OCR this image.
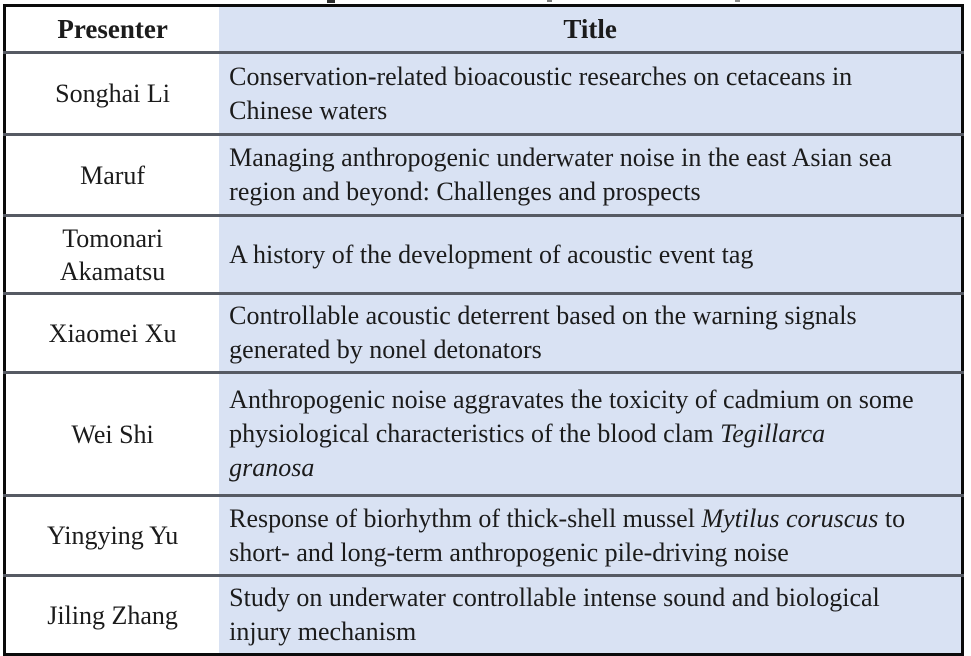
Presenter	Title
Songhai Li	Conservation-related bioacoustic researches on cetaceans in
Chinese waters

Maruf	Managing anthropogenic underwater noise in the east Asian sea
region and beyond: Challenges and prospects

Tomonari Akamatsu	A history of the development of acoustic event tag

Xiaomei Xu	Controllable acoustic deterrent based on the warning signals
generated by nonel detonators

Wei Shi	Anthropogenic noise aggravates the toxicity of cadmium on some
physiological characteristics of the blood clam Tegillarca
granosa

Yingying Yu	Response of biorhythm of thick-shell mussel Mytilus coruscus to
short- and long-term anthropogenic pile-driving noise

Jiling Zhang	Study on underwater controllable intense sound and biological
injury mechanism
